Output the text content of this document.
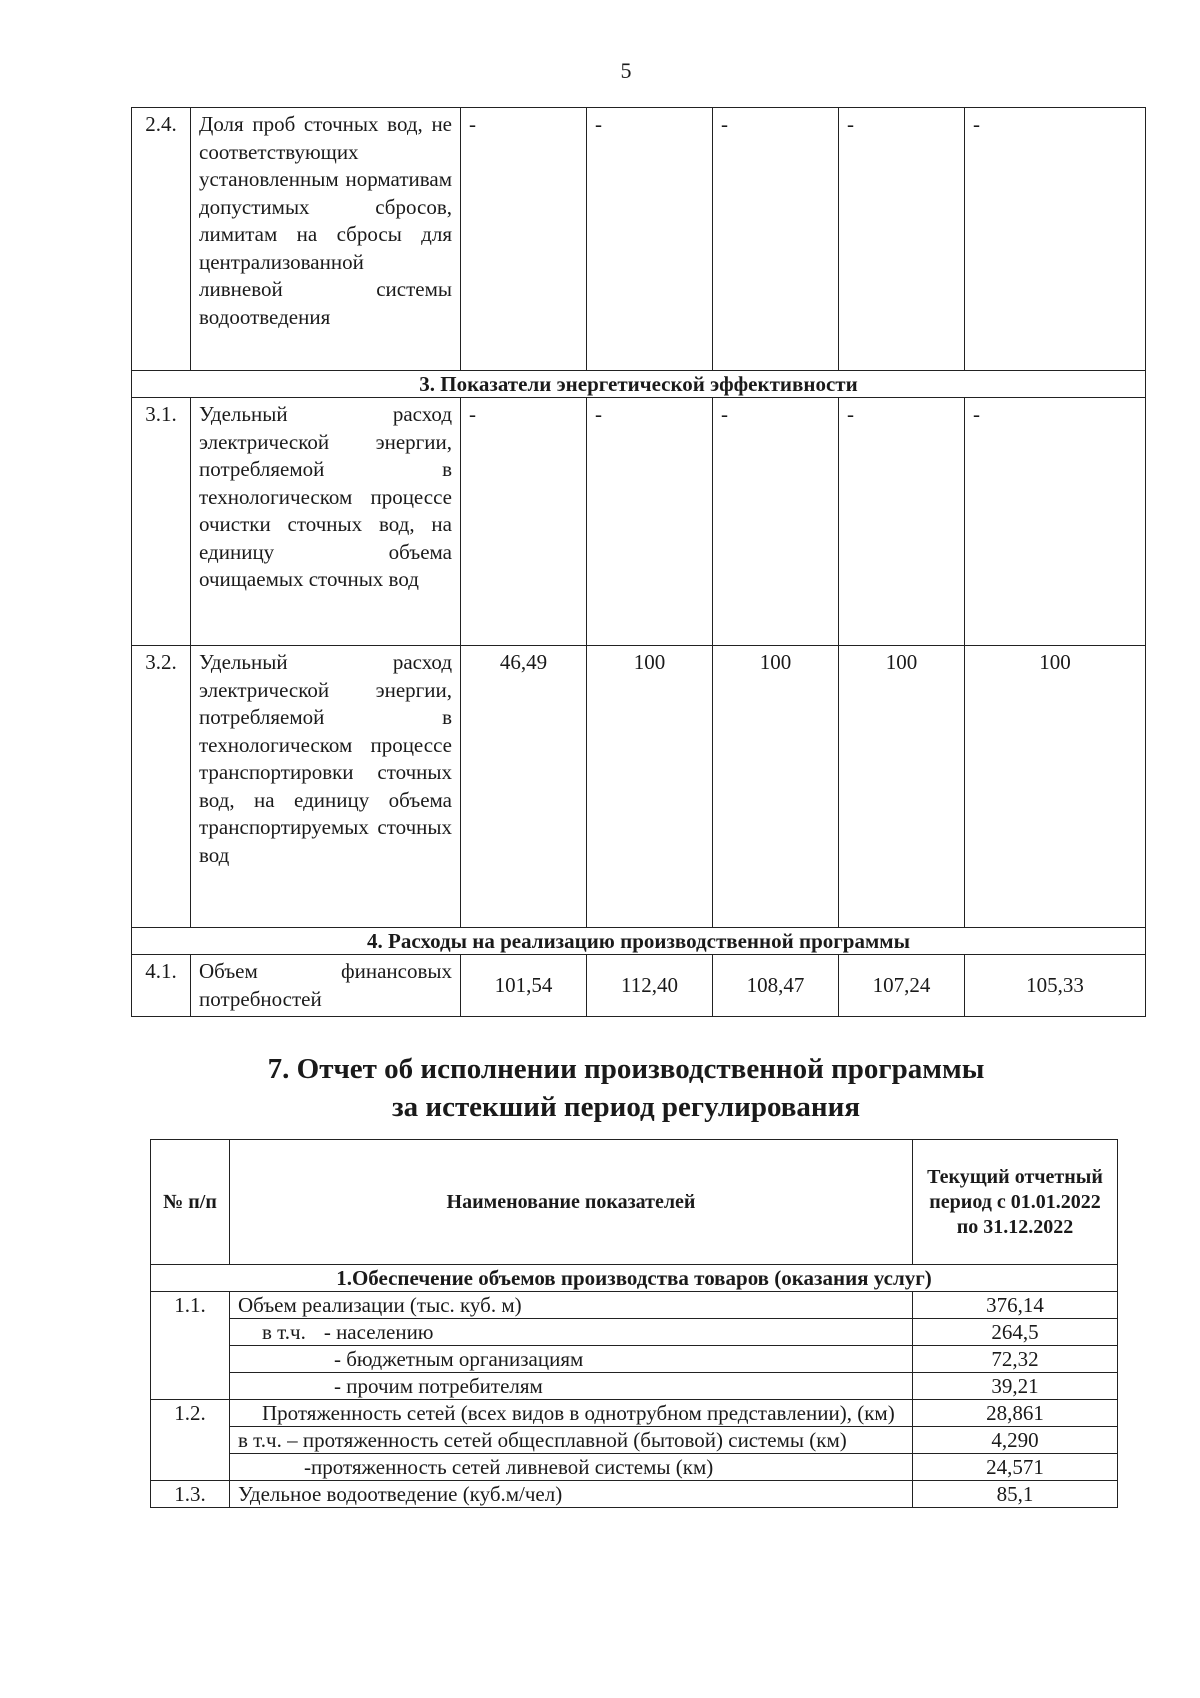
5
2.4.	Доля проб сточных вод, не соответствующих установленным нормативам допустимых сбросов, лимитам на сбросы для централизованной ливневой системы водоотведения	-	-	-	-	-
3. Показатели энергетической эффективности						
3.1.	Удельный расход электрической энергии, потребляемой в технологическом процессе очистки сточных вод, на единицу объема очищаемых сточных вод	-	-	-	-	-
3.2.	Удельный расход электрической энергии, потребляемой в технологическом процессе транспортировки сточных вод, на единицу объема транспортируемых сточных вод	46,49	100	100	100	100
4. Расходы на реализацию производственной программы						
4.1.	Объем финансовых потребностей	101,54	112,40	108,47	107,24	105,33
7. Отчет об исполнении производственной программы
за истекший период регулирования
№ п/п	Наименование показателей	Текущий отчетный период с 01.01.2022 по 31.12.2022
1.Обеспечение объемов производства товаров (оказания услуг)		
1.1.	Объем реализации (тыс. куб. м)	376,14
	в т.ч. - населению	264,5
	- бюджетным организациям	72,32
	- прочим потребителям	39,21
1.2.	Протяженность сетей (всех видов в однотрубном представлении), (км)	28,861
	в т.ч. – протяженность сетей общесплавной (бытовой) системы (км)	4,290
	-протяженность сетей ливневой системы (км)	24,571
1.3.	Удельное водоотведение (куб.м/чел)	85,1
